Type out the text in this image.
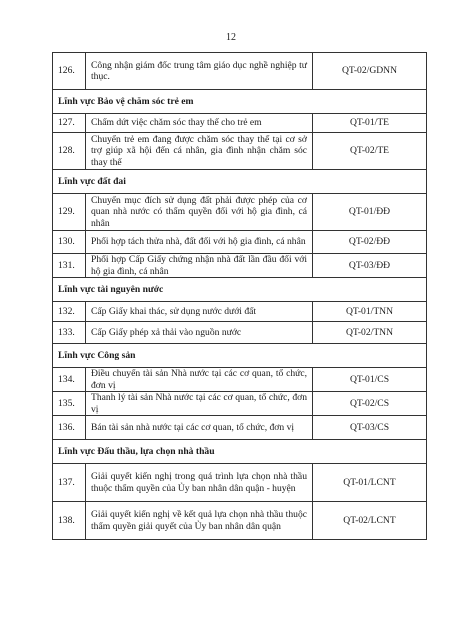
12
126.	Công nhận giám đốc trung tâm giáo dục nghề nghiệp tư thục.	QT-02/GDNN
Lĩnh vực Bảo vệ chăm sóc trẻ em		
127.	Chấm dứt việc chăm sóc thay thế cho trẻ em	QT-01/TE
128.	Chuyển trẻ em đang được chăm sóc thay thế tại cơ sở trợ giúp xã hội đến cá nhân, gia đình nhận chăm sóc thay thế	QT-02/TE
Lĩnh vực đất đai		
129.	Chuyển mục đích sử dụng đất phải được phép của cơ quan nhà nước có thẩm quyền đối với hộ gia đình, cá nhân	QT-01/ĐĐ
130.	Phối hợp tách thửa nhà, đất đối với hộ gia đình, cá nhân	QT-02/ĐĐ
131.	Phối hợp Cấp Giấy chứng nhận nhà đất lần đầu đối với hộ gia đình, cá nhân	QT-03/ĐĐ
Lĩnh vực tài nguyên nước		
132.	Cấp Giấy khai thác, sử dụng nước dưới đất	QT-01/TNN
133.	Cấp Giấy phép xả thải vào nguồn nước	QT-02/TNN
Lĩnh vực Công sản		
134.	Điều chuyển tài sản Nhà nước tại các cơ quan, tổ chức, đơn vị	QT-01/CS
135.	Thanh lý tài sản Nhà nước tại các cơ quan, tổ chức, đơn vị	QT-02/CS
136.	Bán tài sản nhà nước tại các cơ quan, tổ chức, đơn vị	QT-03/CS
Lĩnh vực Đấu thầu, lựa chọn nhà thầu		
137.	Giải quyết kiến nghị trong quá trình lựa chọn nhà thầu thuộc thẩm quyền của Ủy ban nhân dân quận - huyện	QT-01/LCNT
138.	Giải quyết kiến nghị về kết quả lựa chọn nhà thầu thuộc thẩm quyền giải quyết của Ủy ban nhân dân quận	QT-02/LCNT
